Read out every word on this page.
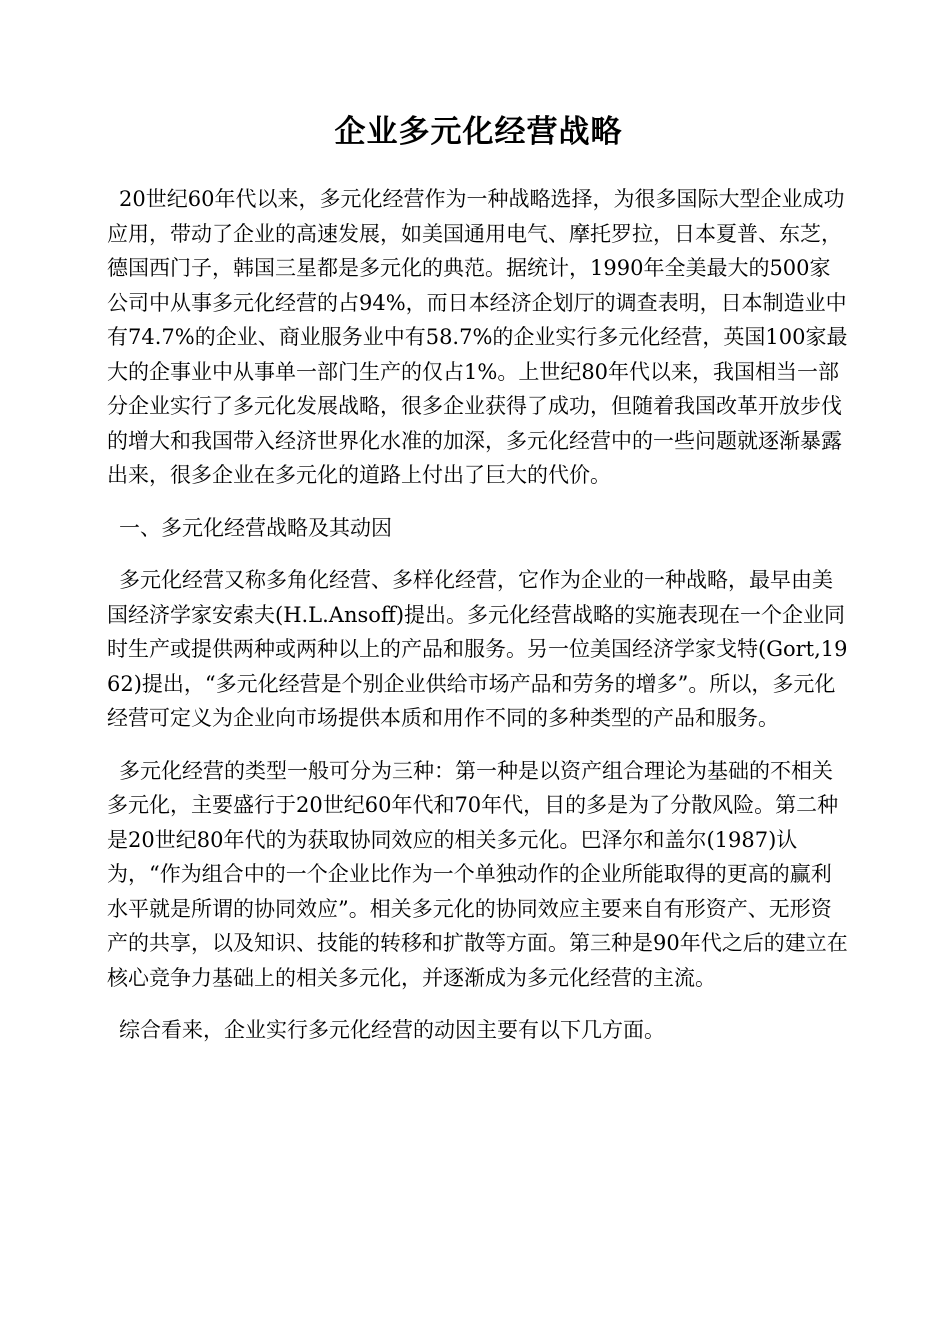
企业多元化经营战略

20世纪60年代以来，多元化经营作为一种战略选择，为很多国际大型企业成功应用，带动了企业的高速发展，如美国通用电气、摩托罗拉，日本夏普、东芝，德国西门子，韩国三星都是多元化的典范。据统计，1990年全美最大的500家公司中从事多元化经营的占94%，而日本经济企划厅的调查表明，日本制造业中有74.7%的企业、商业服务业中有58.7%的企业实行多元化经营，英国100家最大的企事业中从事单一部门生产的仅占1%。上世纪80年代以来，我国相当一部分企业实行了多元化发展战略，很多企业获得了成功，但随着我国改革开放步伐的增大和我国带入经济世界化水准的加深，多元化经营中的一些问题就逐渐暴露出来，很多企业在多元化的道路上付出了巨大的代价。

一、多元化经营战略及其动因

多元化经营又称多角化经营、多样化经营，它作为企业的一种战略，最早由美国经济学家安索夫(H.L.Ansoff)提出。多元化经营战略的实施表现在一个企业同时生产或提供两种或两种以上的产品和服务。另一位美国经济学家戈特(Gort,1962)提出，“多元化经营是个别企业供给市场产品和劳务的增多”。所以，多元化经营可定义为企业向市场提供本质和用作不同的多种类型的产品和服务。

多元化经营的类型一般可分为三种：第一种是以资产组合理论为基础的不相关多元化，主要盛行于20世纪60年代和70年代，目的多是为了分散风险。第二种是20世纪80年代的为获取协同效应的相关多元化。巴泽尔和盖尔(1987)认为，“作为组合中的一个企业比作为一个单独动作的企业所能取得的更高的赢利水平就是所谓的协同效应”。相关多元化的协同效应主要来自有形资产、无形资产的共享，以及知识、技能的转移和扩散等方面。第三种是90年代之后的建立在核心竞争力基础上的相关多元化，并逐渐成为多元化经营的主流。

综合看来，企业实行多元化经营的动因主要有以下几方面。
